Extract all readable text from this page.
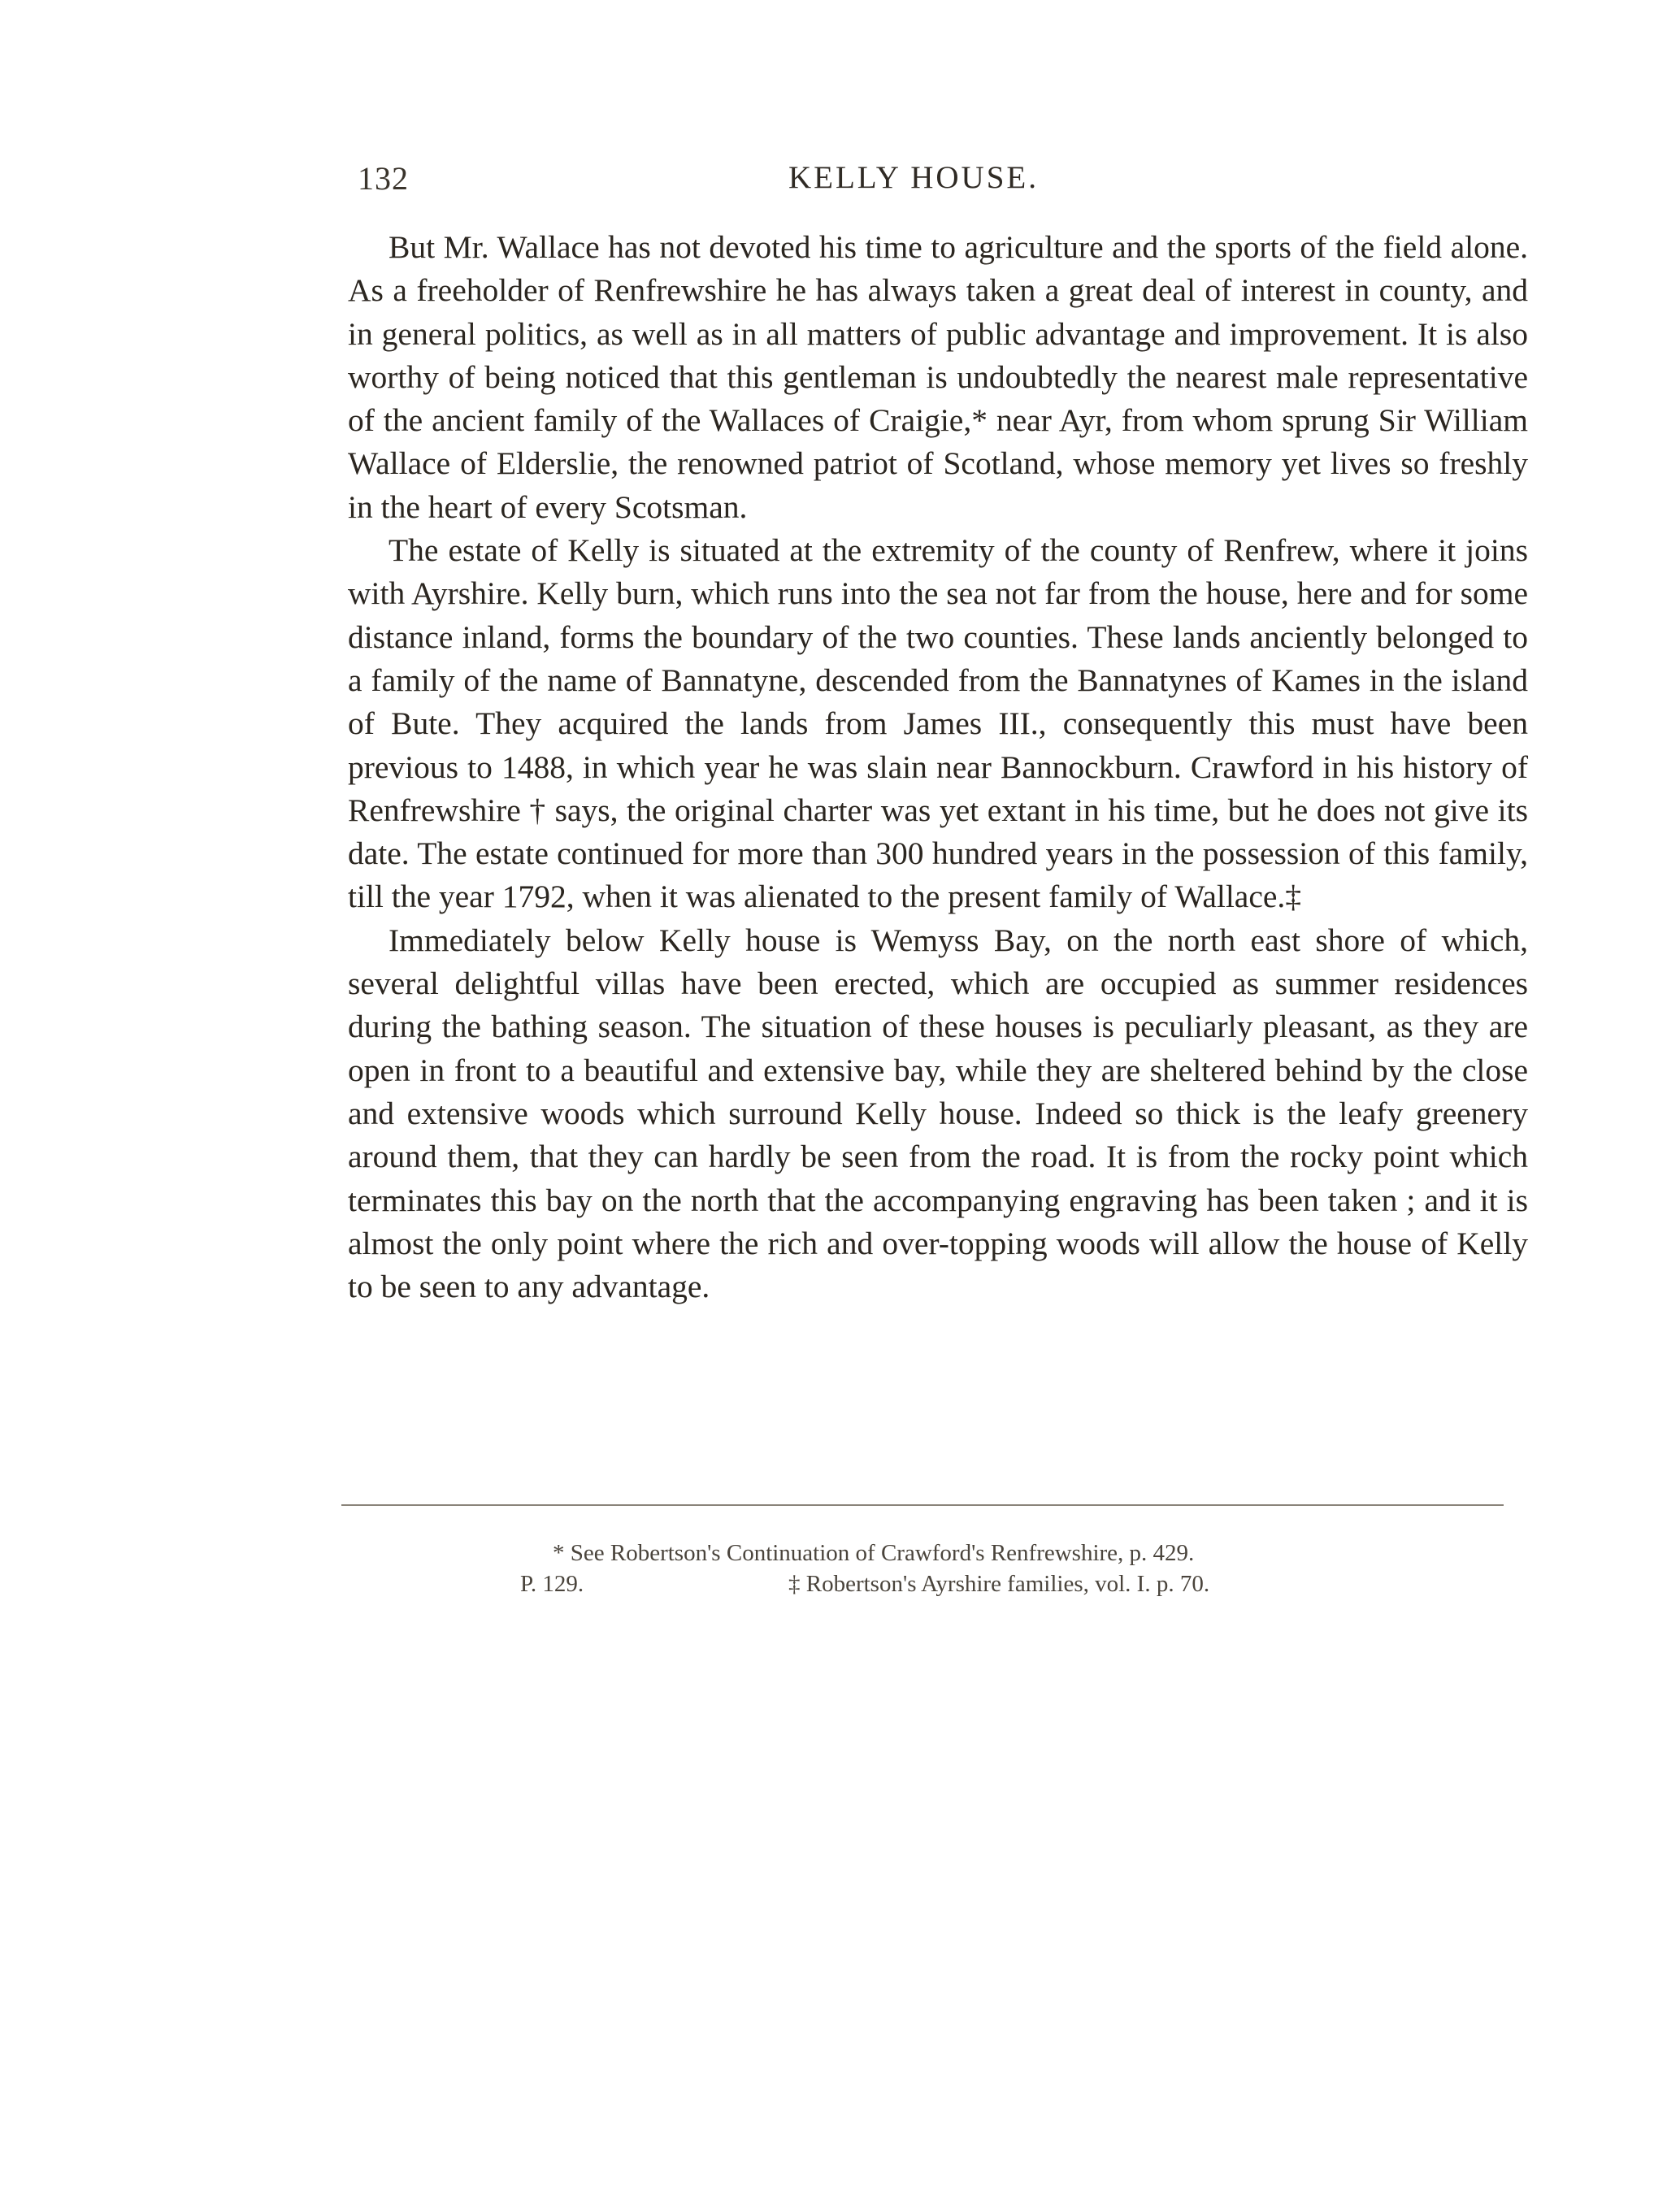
132	KELLY HOUSE.

But Mr. Wallace has not devoted his time to agriculture and the sports of the field alone. As a freeholder of Renfrewshire he has always taken a great deal of interest in county, and in general politics, as well as in all matters of public advantage and improvement. It is also worthy of being noticed that this gentleman is undoubtedly the nearest male representative of the ancient family of the Wallaces of Craigie,* near Ayr, from whom sprung Sir William Wallace of Elderslie, the renowned patriot of Scotland, whose memory yet lives so freshly in the heart of every Scotsman.

The estate of Kelly is situated at the extremity of the county of Renfrew, where it joins with Ayrshire. Kelly burn, which runs into the sea not far from the house, here and for some distance inland, forms the boundary of the two counties. These lands anciently belonged to a family of the name of Bannatyne, descended from the Bannatynes of Kames in the island of Bute. They acquired the lands from James III., consequently this must have been previous to 1488, in which year he was slain near Bannockburn. Crawford in his history of Renfrewshire † says, the original charter was yet extant in his time, but he does not give its date. The estate continued for more than 300 hundred years in the possession of this family, till the year 1792, when it was alienated to the present family of Wallace.‡

Immediately below Kelly house is Wemyss Bay, on the north east shore of which, several delightful villas have been erected, which are occupied as summer residences during the bathing season. The situation of these houses is peculiarly pleasant, as they are open in front to a beautiful and extensive bay, while they are sheltered behind by the close and extensive woods which surround Kelly house. Indeed so thick is the leafy greenery around them, that they can hardly be seen from the road. It is from the rocky point which terminates this bay on the north that the accompanying engraving has been taken ; and it is almost the only point where the rich and over-topping woods will allow the house of Kelly to be seen to any advantage.

* See Robertson's Continuation of Crawford's Renfrewshire, p. 429.
P. 129.	‡ Robertson's Ayrshire families, vol. I. p. 70.
